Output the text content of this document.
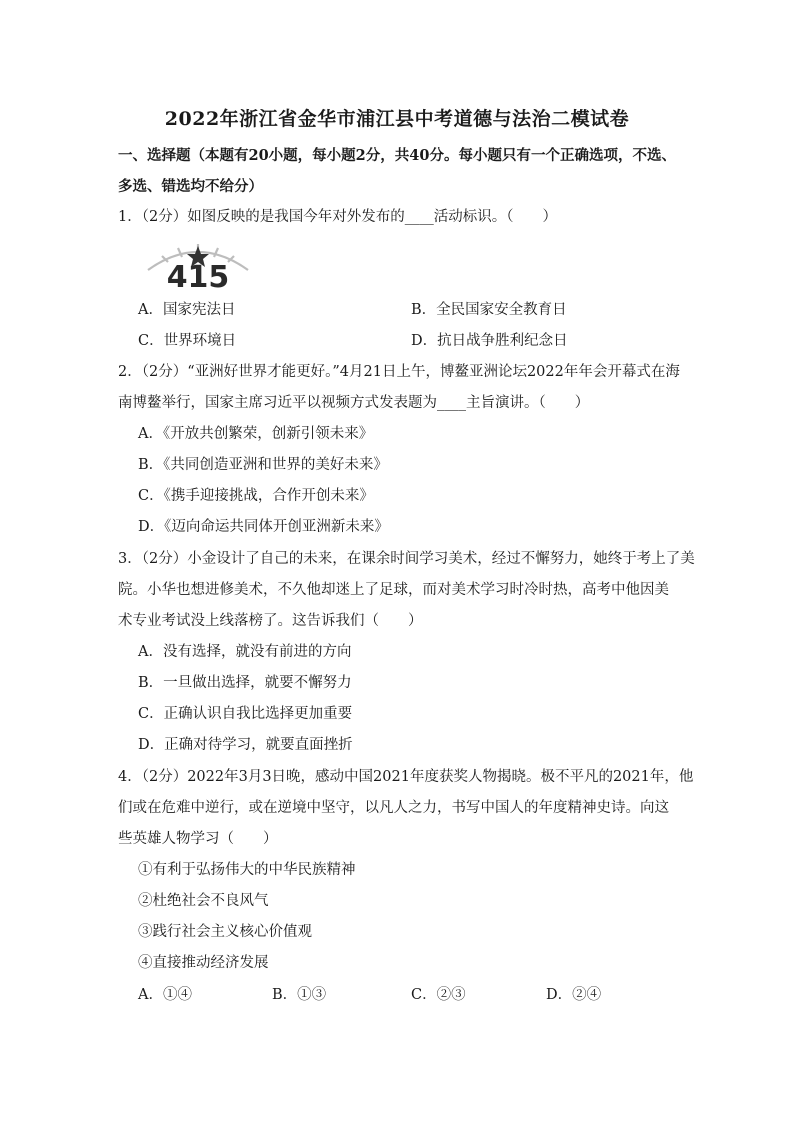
2022年浙江省金华市浦江县中考道德与法治二模试卷
一、选择题（本题有20小题，每小题2分，共40分。每小题只有一个正确选项，不选、
多选、错选均不给分）
1．（2分）如图反映的是我国今年对外发布的____活动标识。（　　）
415
A．国家宪法日	B．全民国家安全教育日
C．世界环境日	D．抗日战争胜利纪念日
2．（2分）“亚洲好世界才能更好。”4月21日上午，博鳌亚洲论坛2022年年会开幕式在海
南博鳌举行，国家主席习近平以视频方式发表题为____主旨演讲。（　　）
A．《开放共创繁荣，创新引领未来》
B．《共同创造亚洲和世界的美好未来》
C．《携手迎接挑战，合作开创未来》
D．《迈向命运共同体开创亚洲新未来》
3．（2分）小金设计了自己的未来，在课余时间学习美术，经过不懈努力，她终于考上了美
院。小华也想进修美术，不久他却迷上了足球，而对美术学习时冷时热，高考中他因美
术专业考试没上线落榜了。这告诉我们（　　）
A．没有选择，就没有前进的方向
B．一旦做出选择，就要不懈努力
C．正确认识自我比选择更加重要
D．正确对待学习，就要直面挫折
4．（2分）2022年3月3日晚，感动中国2021年度获奖人物揭晓。极不平凡的2021年，他
们或在危难中逆行，或在逆境中坚守，以凡人之力，书写中国人的年度精神史诗。向这
些英雄人物学习（　　）
①有利于弘扬伟大的中华民族精神
②杜绝社会不良风气
③践行社会主义核心价值观
④直接推动经济发展
A．①④	B．①③	C．②③	D．②④
